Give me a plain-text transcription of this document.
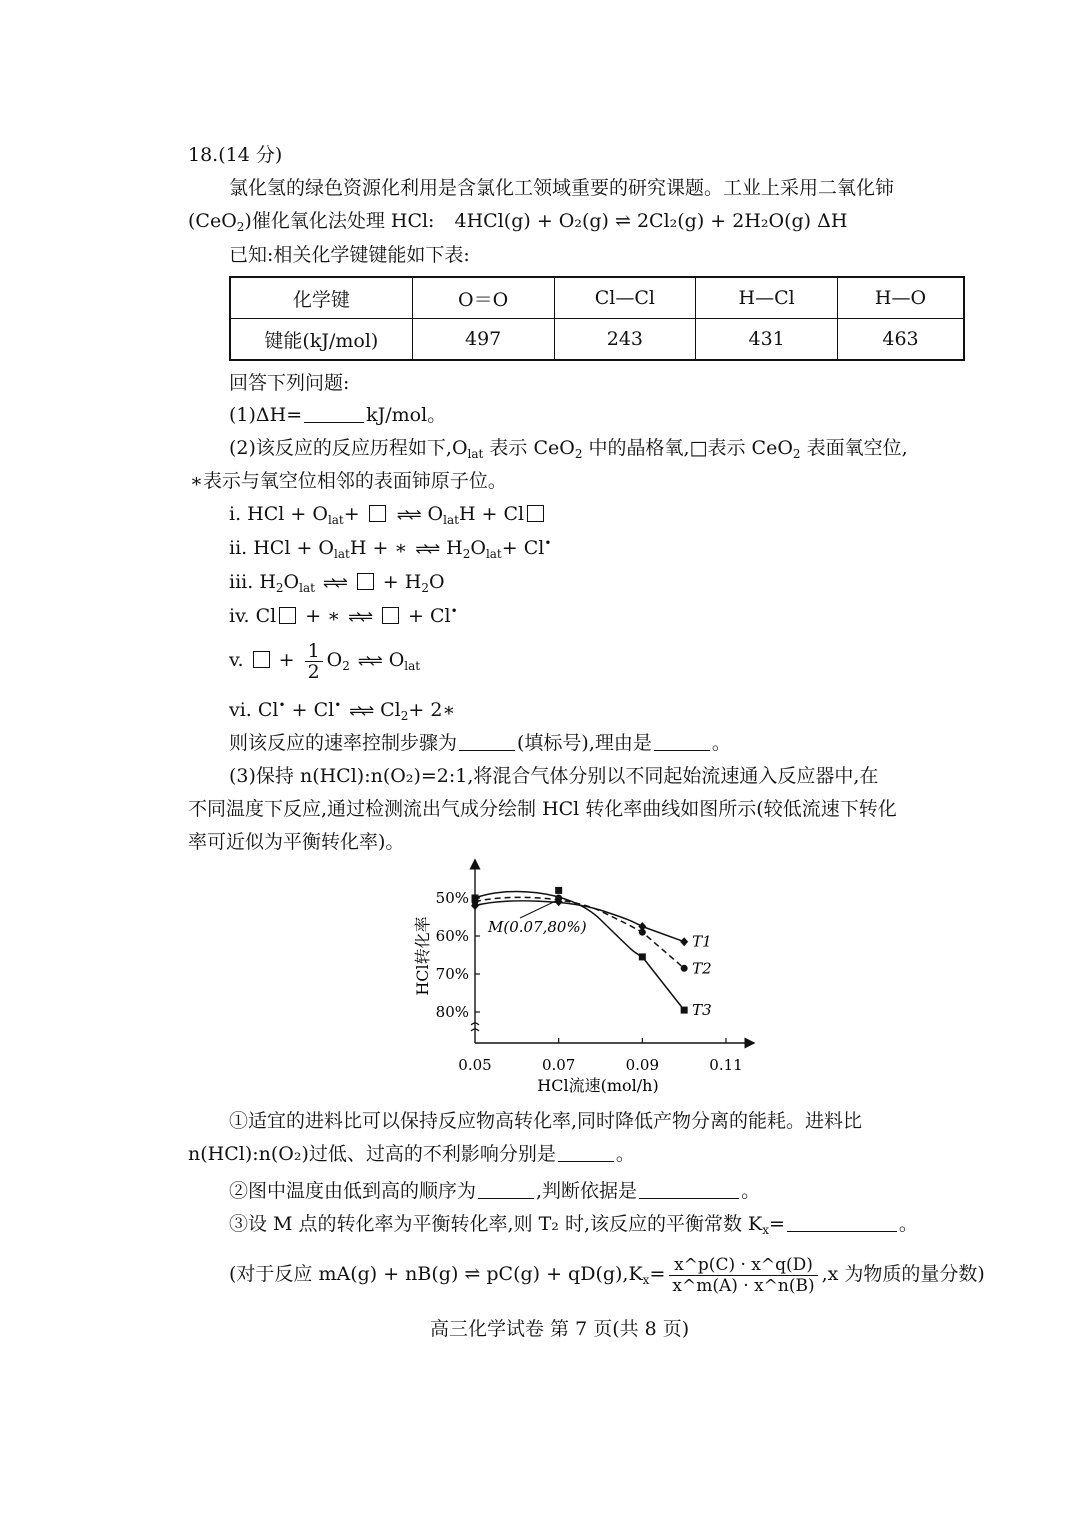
18.(14 分)
氯化氢的绿色资源化利用是含氯化工领域重要的研究课题。工业上采用二氧化铈
(CeO$_2$)催化氧化法处理 HCl: 4HCl(g) + O₂(g) ⇌ 2Cl₂(g) + 2H₂O(g) ΔH
已知:相关化学键键能如下表:
化学键	O＝O	Cl—Cl	H—Cl	H—O
键能(kJ/mol)	497	243	431	463
回答下列问题:
(1)ΔH=	kJ/mol。
(2)该反应的反应历程如下$,O_{lat}$ 表示 CeO$_2$ 中的晶格氧,□表示 CeO$_2$ 表面氧空位,
∗表示与氧空位相邻的表面铈原子位。
i. HCl + $O_{lat}+$ ⇌⇌ $O_{lat}H + Cl$
ii. HCl + $O_{lat}H$ + ∗ ⇌⇌ $H_2O_{lat}+ Cl^•$
iii. $H_2O_{lat}$ ⇌⇌ + $H_2O$
iv. Cl + ∗ ⇌⇌ + Cl•
v.  + $\frac{1}{2} O_2$ ⇌⇌ $O_{lat}$
vi. Cl• + Cl• ⇌⇌ $Cl_2+$ 2∗
则该反应的速率控制步骤为	(填标号),理由是	。
(3)保持 n(HCl):n(O₂)=2:1,将混合气体分别以不同起始流速通入反应器中,在
不同温度下反应,通过检测流出气成分绘制 HCl 转化率曲线如图所示(较低流速下转化
率可近似为平衡转化率)。
80%
70%
60%
50%
0.05	0.07	0.09	0.11
T1
T2
T3
HCl转化率
HCl流速(mol/h)
M(0.07,80%)
①适宜的进料比可以保持反应物高转化率,同时降低产物分离的能耗。进料比
n(HCl):n(O₂)过低、过高的不利影响分别是	。
②图中温度由低到高的顺序为	,判断依据是	。
③设 M 点的转化率为平衡转化率,则 T₂ 时,该反应的平衡常数 $K_x=$	。
(对于反应 mA(g) + nB(g) ⇌ $pC(g) + qD(g),K_x= \frac{x\^{}p(C) \cdot x\^{}q(D)}{x\^{}m(A) \cdot x\^{}n(B)} ,x$ 为物质的量分数)
高三化学试卷 第 7 页(共 8 页)
